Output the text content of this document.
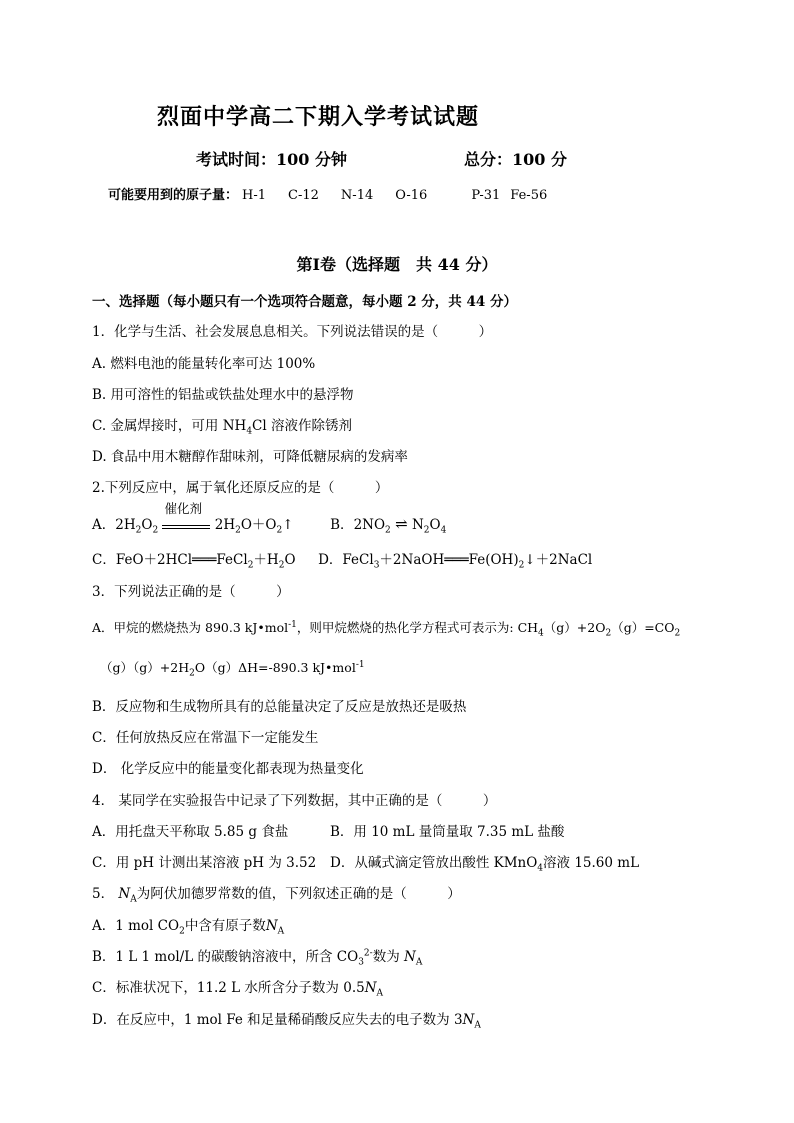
烈面中学高二下期入学考试试题
考试时间：100 分钟	总分：100 分
可能要用到的原子量： H-1 C-12 N-14 O-16	P-31 Fe-56
第Ⅰ卷（选择题　共 44 分）
一、选择题（每小题只有一个选项符合题意，每小题 2 分，共 44 分）
1．化学与生活、社会发展息息相关。下列说法错误的是（　　　）
A. 燃料电池的能量转化率可达 100%
B. 用可溶性的铝盐或铁盐处理水中的悬浮物
C. 金属焊接时，可用 $NH_4Cl$ 溶液作除锈剂
D. 食品中用木糖醇作甜味剂，可降低糖尿病的发病率
2.下列反应中，属于氧化还原反应的是（　　　）
A．$2H_2O_2$
催化剂
$2H_2O+O_2↑$  B．$2NO_2$ ⇌ $N_2O_4$
C．$FeO+2HCl═══FeCl_2+H_2O$  D．$FeCl_3+2NaOH═══Fe(OH)_2↓+2NaCl$
3．下列说法正确的是（　　　）
A．甲烷的燃烧热为 890.3 kJ•mol$^{-1}$，则甲烷燃烧的热化学方程式可表示为: $CH_4(g)+2O_2(g)=CO_2$
$(g)(g)+2H_2O(g)\Delta H=-890.3$ kJ•mol$^{-1}$
B．反应物和生成物所具有的总能量决定了反应是放热还是吸热
C．任何放热反应在常温下一定能发生
D． 化学反应中的能量变化都表现为热量变化
4． 某同学在实验报告中记录了下列数据，其中正确的是（　　　）
A．用托盘天平称取 5.85 g 食盐	B．用 10 mL 量筒量取 7.35 mL 盐酸
C．用 pH 计测出某溶液 pH 为 3.52 D．从碱式滴定管放出酸性 KMnO$_4$溶液 15.60 mL
5． $N_A$为阿伏加德罗常数的值，下列叙述正确的是（　　　）
A．1 mol $CO_2$中含有原子数$N_A$
B．1 L 1 mol/L 的碳酸钠溶液中，所含 $CO_3^{2-}$数为 $N_A$
C．标准状况下，11.2 L 水所含分子数为 $0.5N_A$
D．在反应中，1 mol Fe 和足量稀硝酸反应失去的电子数为 $3N_A$
